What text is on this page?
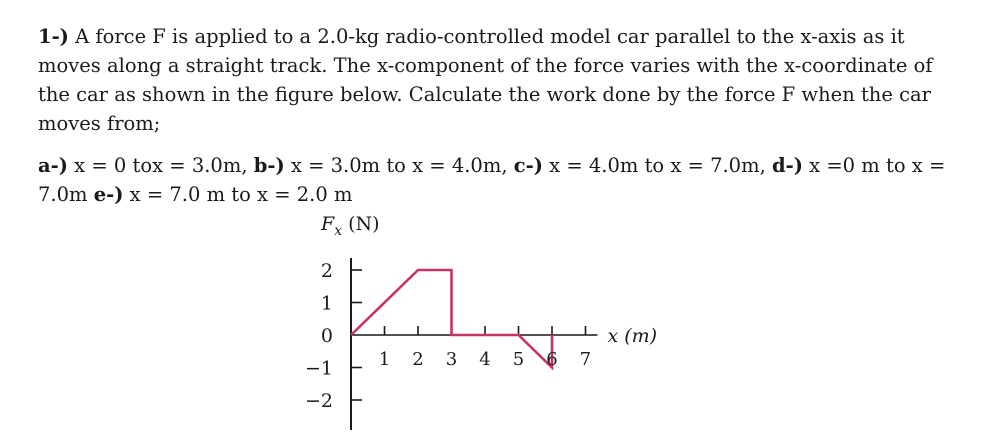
1-) A force F is applied to a 2.0-kg radio-controlled model car parallel to the x-axis as it moves along a straight track. The x-component of the force varies with the x-coordinate of the car as shown in the figure below. Calculate the work done by the force F when the car moves from;

a-) x = 0 tox = 3.0m, b-) x = 3.0m to x = 4.0m, c-) x = 4.0m to x = 7.0m, d-) x =0 m to x = 7.0m e-) x = 7.0 m to x = 2.0 m

2
1
0
−1
−2
1 2 3 4 5 6 7
x (m)
$F_x$ (N)
